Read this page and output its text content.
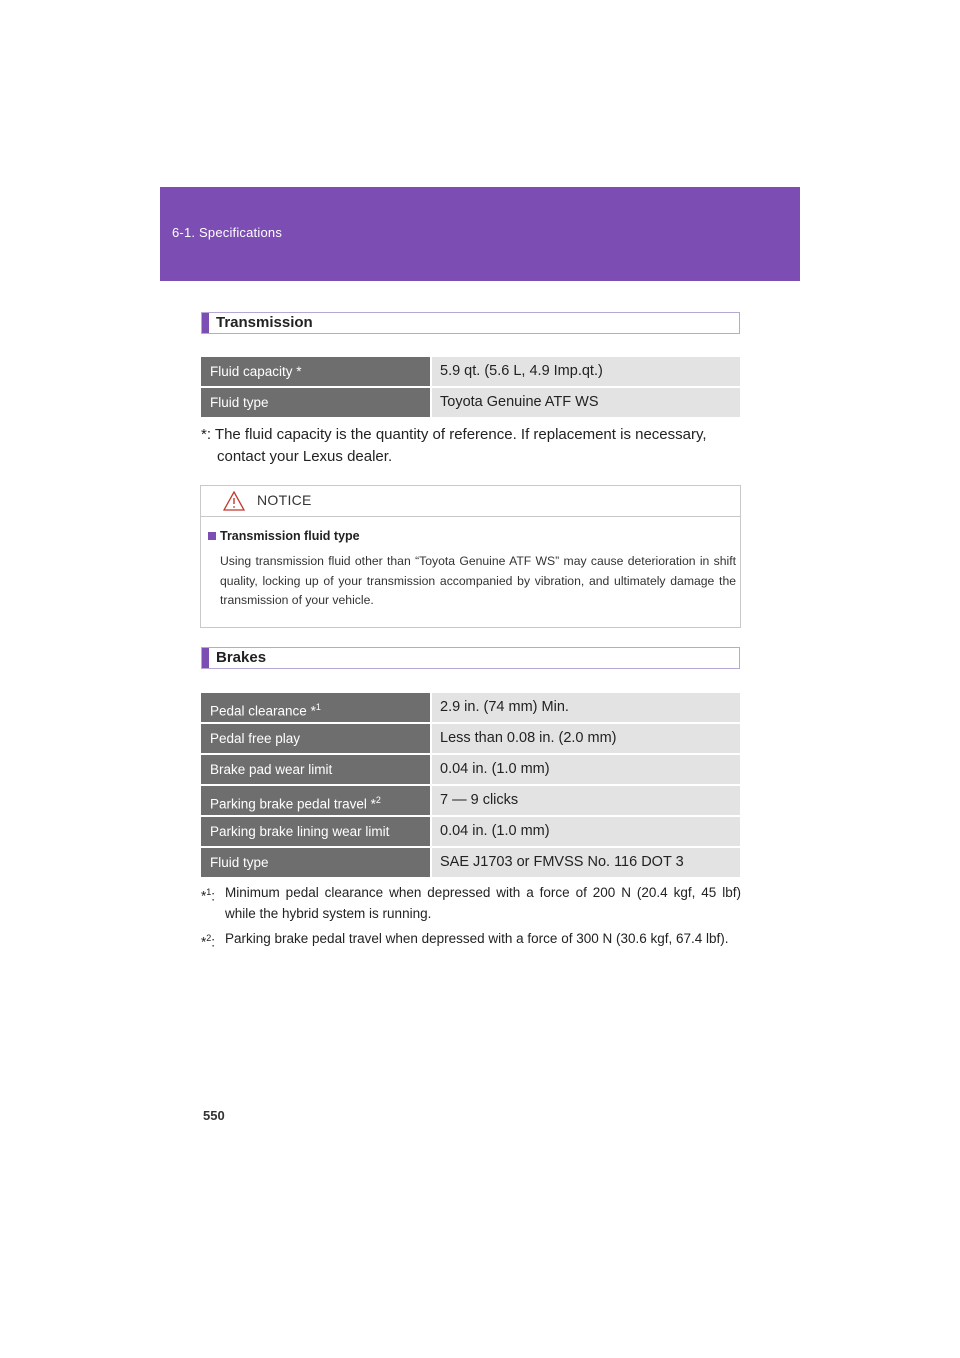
6-1. Specifications
Transmission
Fluid capacity *	5.9 qt. (5.6 L, 4.9 Imp.qt.)
Fluid type	Toyota Genuine ATF WS
*: The fluid capacity is the quantity of reference. If replacement is necessary, contact your Lexus dealer.
NOTICE
Transmission fluid type
Using transmission fluid other than “Toyota Genuine ATF WS” may cause deterioration in shift quality, locking up of your transmission accompanied by vibration, and ultimately damage the transmission of your vehicle.
Brakes
Pedal clearance *$^1$	2.9 in. (74 mm) Min.
Pedal free play	Less than 0.08 in. (2.0 mm)
Brake pad wear limit	0.04 in. (1.0 mm)
Parking brake pedal travel *$^2$	7 — 9 clicks
Parking brake lining wear limit	0.04 in. (1.0 mm)
Fluid type	SAE J1703 or FMVSS No. 116 DOT 3
*$^1$: Minimum pedal clearance when depressed with a force of 200 N (20.4 kgf, 45 lbf) while the hybrid system is running.
*$^2$: Parking brake pedal travel when depressed with a force of 300 N (30.6 kgf, 67.4 lbf).
550
